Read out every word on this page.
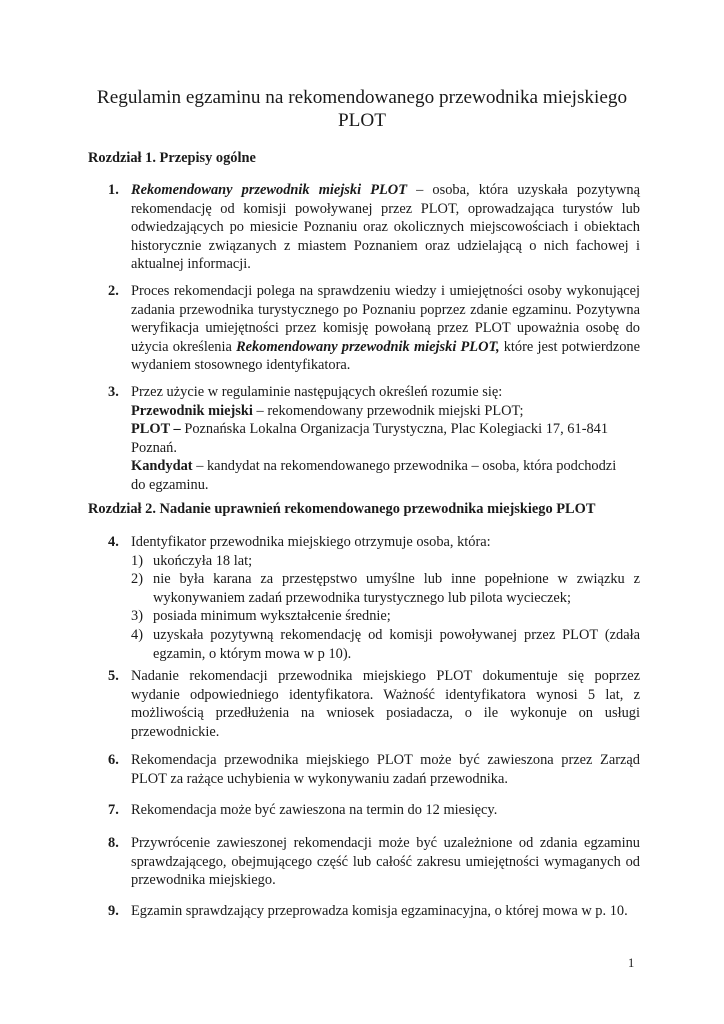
Regulamin egzaminu na rekomendowanego przewodnika miejskiego
PLOT
Rozdział 1. Przepisy ogólne
1. Rekomendowany przewodnik miejski PLOT – osoba, która uzyskała pozytywną rekomendację od komisji powoływanej przez PLOT, oprowadzająca turystów lub odwiedzających po miesicie Poznaniu oraz okolicznych miejscowościach i obiektach historycznie związanych z miastem Poznaniem oraz udzielającą o nich fachowej i aktualnej informacji.
2. Proces rekomendacji polega na sprawdzeniu wiedzy i umiejętności osoby wykonującej zadania przewodnika turystycznego po Poznaniu poprzez zdanie egzaminu. Pozytywna weryfikacja umiejętności przez komisję powołaną przez PLOT upoważnia osobę do użycia określenia Rekomendowany przewodnik miejski PLOT, które jest potwierdzone wydaniem stosownego identyfikatora.
3. Przez użycie w regulaminie następujących określeń rozumie się:
Przewodnik miejski – rekomendowany przewodnik miejski PLOT;
PLOT – Poznańska Lokalna Organizacja Turystyczna, Plac Kolegiacki 17, 61-841
Poznań.
Kandydat – kandydat na rekomendowanego przewodnika – osoba, która podchodzi
do egzaminu.
Rozdział 2. Nadanie uprawnień rekomendowanego przewodnika miejskiego PLOT
4. Identyfikator przewodnika miejskiego otrzymuje osoba, która:
1) ukończyła 18 lat;
2) nie była karana za przestępstwo umyślne lub inne popełnione w związku z wykonywaniem zadań przewodnika turystycznego lub pilota wycieczek;
3) posiada minimum wykształcenie średnie;
4) uzyskała pozytywną rekomendację od komisji powoływanej przez PLOT (zdała egzamin, o którym mowa w p 10).
5. Nadanie rekomendacji przewodnika miejskiego PLOT dokumentuje się poprzez wydanie odpowiedniego identyfikatora. Ważność identyfikatora wynosi 5 lat, z możliwością przedłużenia na wniosek posiadacza, o ile wykonuje on usługi przewodnickie.
6. Rekomendacja przewodnika miejskiego PLOT może być zawieszona przez Zarząd PLOT za rażące uchybienia w wykonywaniu zadań przewodnika.
7. Rekomendacja może być zawieszona na termin do 12 miesięcy.
8. Przywrócenie zawieszonej rekomendacji może być uzależnione od zdania egzaminu sprawdzającego, obejmującego część lub całość zakresu umiejętności wymaganych od przewodnika miejskiego.
9. Egzamin sprawdzający przeprowadza komisja egzaminacyjna, o której mowa w p. 10.
1
